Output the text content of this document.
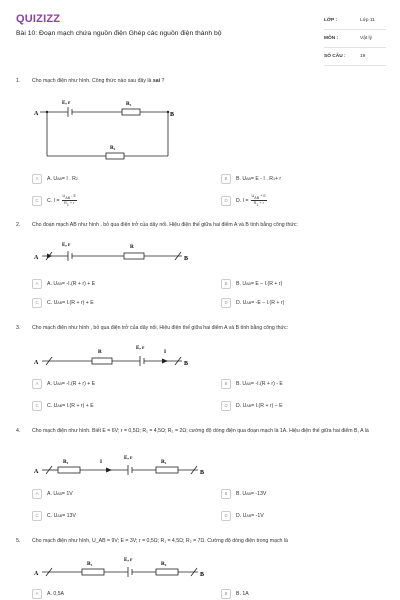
QUIZIZZ
Bài 10: Đoạn mạch chứa nguồn điện Ghép các nguồn điện thành bộ
LỚP :	Lớp 11
MÔN :	Vật lý
SỐ CÂU :	19
1. Cho mạch điện như hình. Công thức nào sau đây là sai ?
A	B
E, r	R₁
R₂
A	A. U AB = I . R 2	B	B. U AB = E - I . R 1 + r
C	C. I =
UAB - E
R1 + r
D	D. I =
UAB + E
R1 + r
2. Cho đoạn mạch AB như hình , bỏ qua điện trở của dây nối. Hiệu điện thế giữa hai điểm A và B tính bằng công thức:
A	B
E, r	R
A	A. U AB = -I.(R + r) + E	B	B. U AB = E – I.(R + r)
C	C. U AB = I.(R + r) + E	D	D. U AB = -E – I.(R + r)
3. Cho mạch điện như hình , bỏ qua điện trở của dây nối. Hiệu điện thế giữa hai điểm A và B tính bằng công thức:
A	B
R
E, r
I
A	A. U AB = -I.(R + r) + E	B	B. U AB = -I.(R + r) - E
C	C. U AB = I.(R + r) + E	D	D. U AB = I.(R + r) – E
4. Cho mạch điện như hình. Biết E = 6V; r = 0,5Ω; R₁ = 4,5Ω; R₂ = 2Ω; cường độ dòng điện qua đoạn mạch là 1A. Hiệu điện thế giữa hai điểm B, A là
A	B
R₁	I
E, r
R₂
A	A. U AB = 1V	B	B. U AB = -13V
C	C. U AB = 13V	D	D. U AB = -1V
5. Cho mạch điện như hình, U_AB = 9V; E = 3V; r = 0,5Ω; R₁ = 4,5Ω; R₂ = 7Ω. Cường độ dòng điện trong mạch là
A	B
R₁
E, r
R₂
A	A. 0,5A	B	B. 1A
